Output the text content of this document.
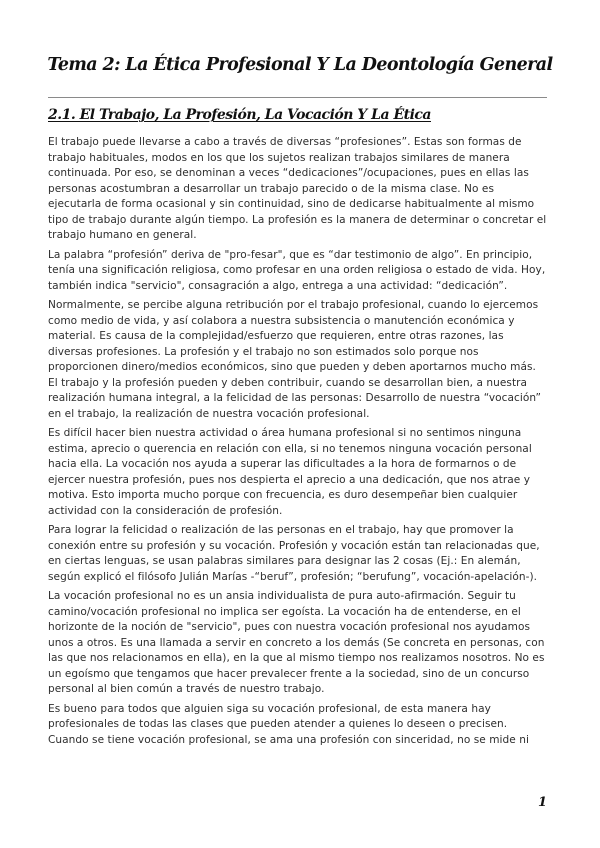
Tema 2: La Ética Profesional Y La Deontología General
2.1. El Trabajo, La Profesión, La Vocación Y La Ética

El trabajo puede llevarse a cabo a través de diversas “profesiones”. Estas son formas de trabajo habituales, modos en los que los sujetos realizan trabajos similares de manera continuada. Por eso, se denominan a veces “dedicaciones”/ocupaciones, pues en ellas las personas acostumbran a desarrollar un trabajo parecido o de la misma clase. No es ejecutarla de forma ocasional y sin continuidad, sino de dedicarse habitualmente al mismo tipo de trabajo durante algún tiempo. La profesión es la manera de determinar o concretar el trabajo humano en general.

La palabra “profesión” deriva de "pro-fesar", que es “dar testimonio de algo”. En principio, tenía una significación religiosa, como profesar en una orden religiosa o estado de vida. Hoy, también indica "servicio", consagración a algo, entrega a una actividad: “dedicación”.

Normalmente, se percibe alguna retribución por el trabajo profesional, cuando lo ejercemos como medio de vida, y así colabora a nuestra subsistencia o manutención económica y material. Es causa de la complejidad/esfuerzo que requieren, entre otras razones, las diversas profesiones. La profesión y el trabajo no son estimados solo porque nos proporcionen dinero/medios económicos, sino que pueden y deben aportarnos mucho más. El trabajo y la profesión pueden y deben contribuir, cuando se desarrollan bien, a nuestra realización humana integral, a la felicidad de las personas: Desarrollo de nuestra “vocación” en el trabajo, la realización de nuestra vocación profesional.

Es difícil hacer bien nuestra actividad o área humana profesional si no sentimos ninguna estima, aprecio o querencia en relación con ella, si no tenemos ninguna vocación personal hacia ella. La vocación nos ayuda a superar las dificultades a la hora de formarnos o de ejercer nuestra profesión, pues nos despierta el aprecio a una dedicación, que nos atrae y motiva. Esto importa mucho porque con frecuencia, es duro desempeñar bien cualquier actividad con la consideración de profesión.

Para lograr la felicidad o realización de las personas en el trabajo, hay que promover la conexión entre su profesión y su vocación. Profesión y vocación están tan relacionadas que, en ciertas lenguas, se usan palabras similares para designar las 2 cosas (Ej.: En alemán, según explicó el filósofo Julián Marías -“beruf”, profesión; “berufung”, vocación-apelación-).

La vocación profesional no es un ansia individualista de pura auto-afirmación. Seguir tu camino/vocación profesional no implica ser egoísta. La vocación ha de entenderse, en el horizonte de la noción de "servicio", pues con nuestra vocación profesional nos ayudamos unos a otros. Es una llamada a servir en concreto a los demás (Se concreta en personas, con las que nos relacionamos en ella), en la que al mismo tiempo nos realizamos nosotros. No es un egoísmo que tengamos que hacer prevalecer frente a la sociedad, sino de un concurso personal al bien común a través de nuestro trabajo.

Es bueno para todos que alguien siga su vocación profesional, de esta manera hay profesionales de todas las clases que pueden atender a quienes lo deseen o precisen. Cuando se tiene vocación profesional, se ama una profesión con sinceridad, no se mide ni

1
